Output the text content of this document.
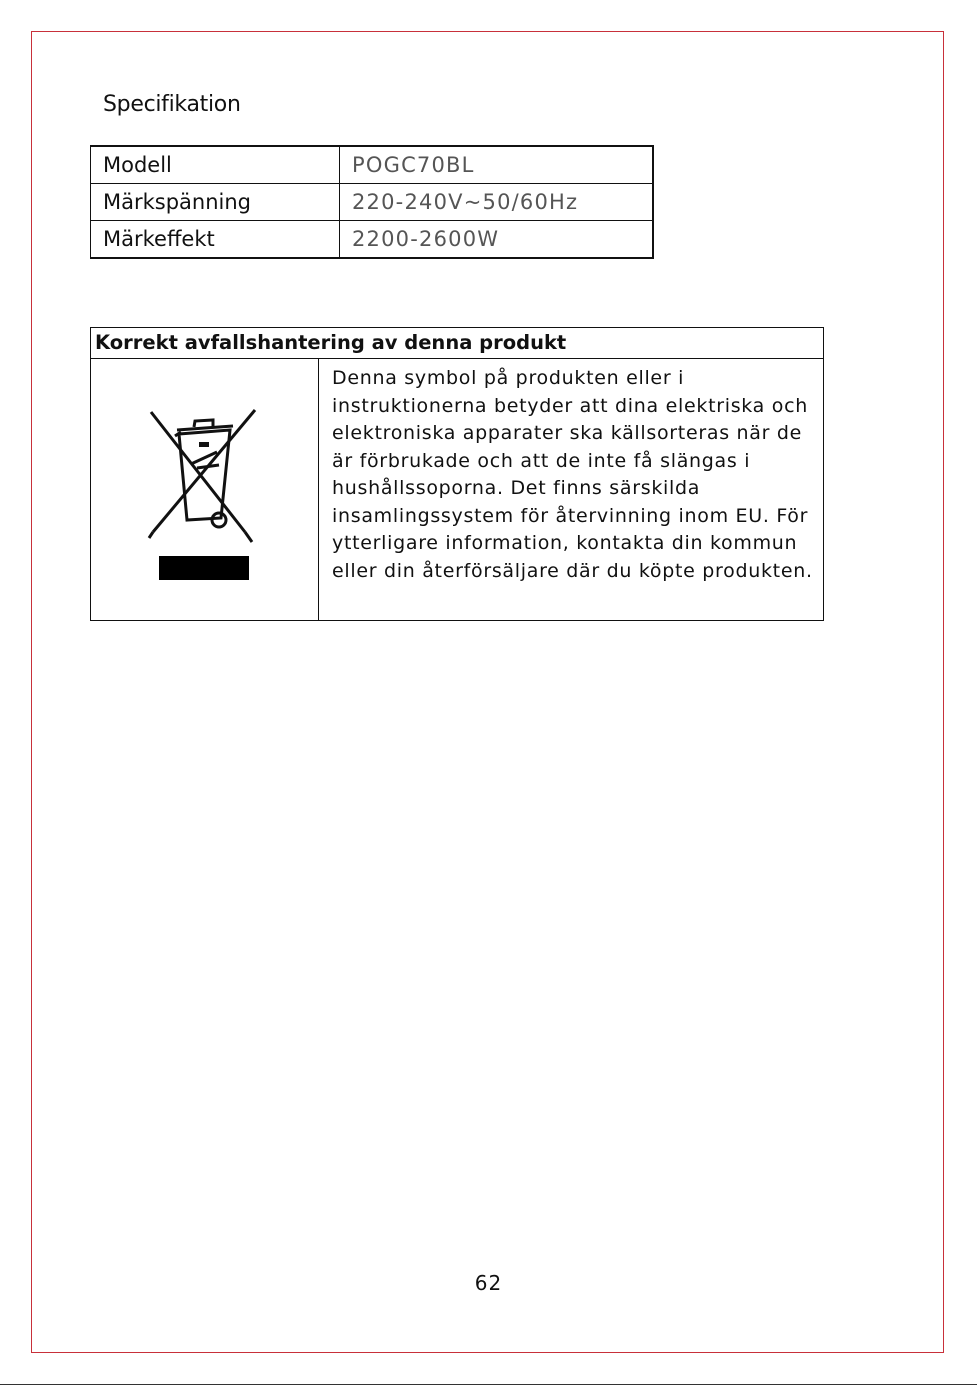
Specifikation
Modell	POGC70BL
Märkspänning	220-240V~50/60Hz
Märkeffekt	2200-2600W
Korrekt avfallshantering av denna produkt

	Denna symbol på produkten eller i instruktionerna betyder att dina elektriska och elektroniska apparater ska källsorteras när de är förbrukade och att de inte få slängas i hushållssoporna. Det finns särskilda insamlingssystem för återvinning inom EU. För ytterligare information, kontakta din kommun eller din återförsäljare där du köpte produkten.
62
